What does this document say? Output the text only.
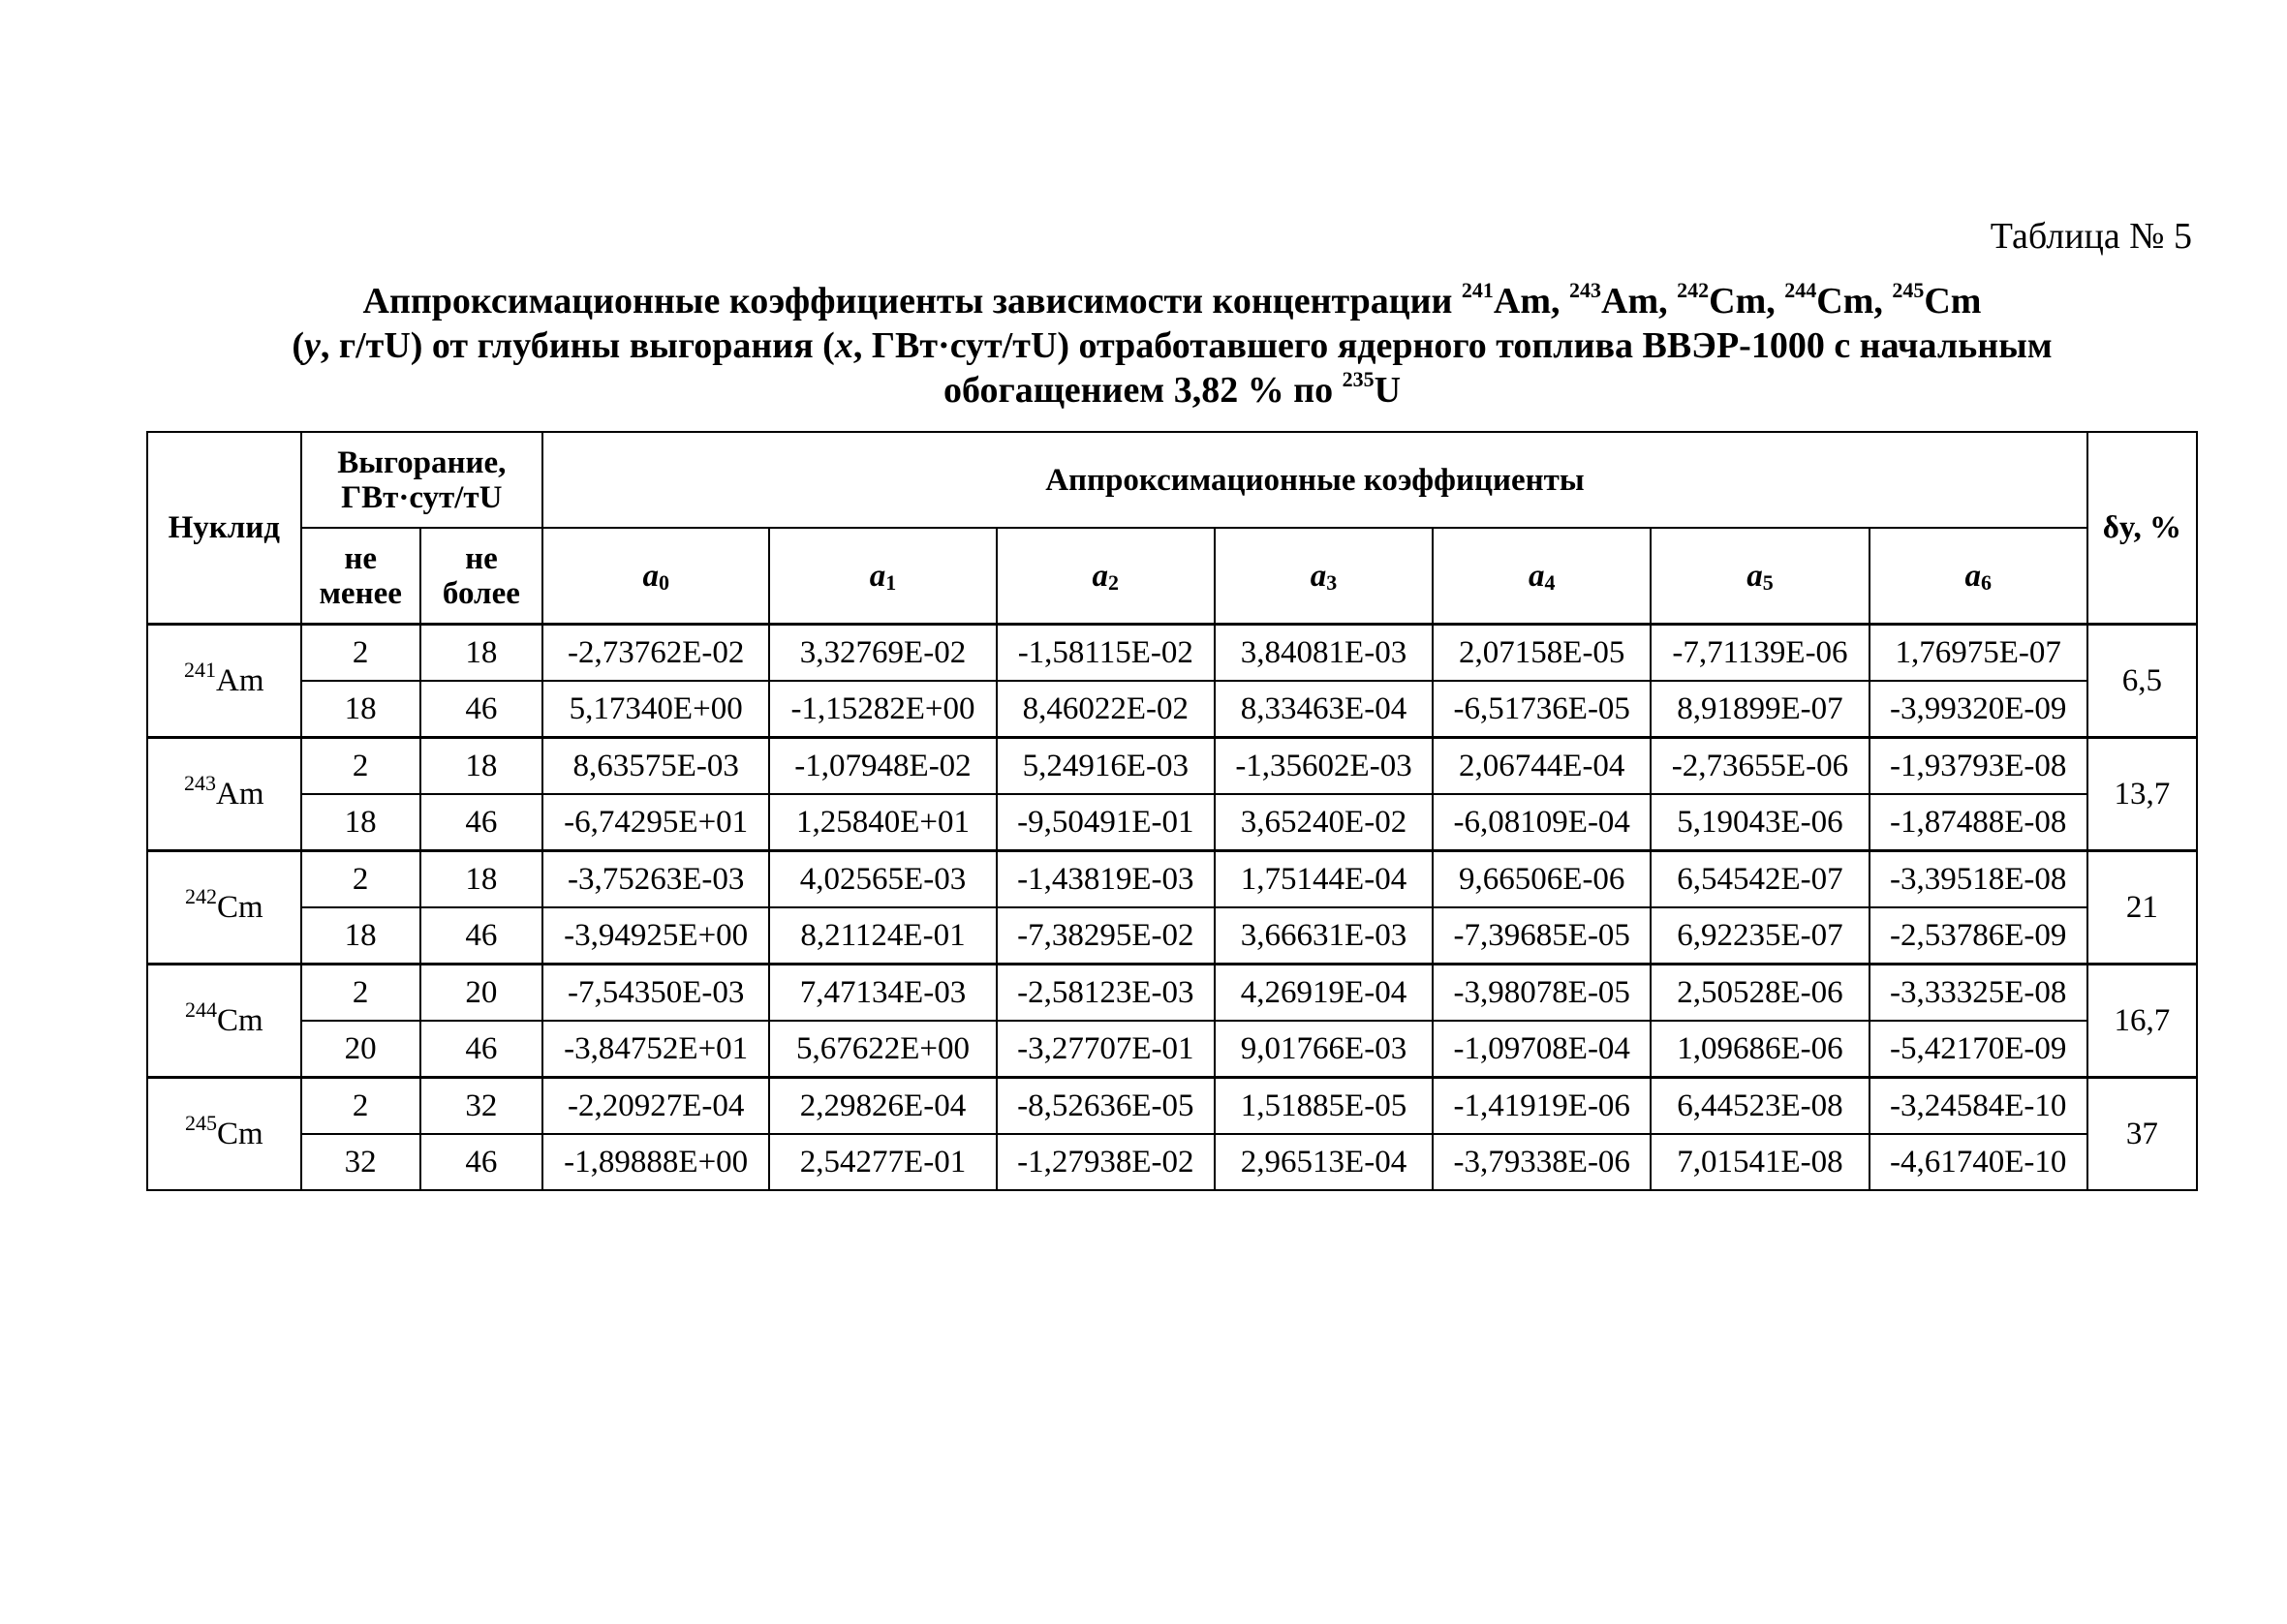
Таблица № 5
Аппроксимационные коэффициенты зависимости концентрации $^{241}$Am, $^{243}$Am, $^{242}$Cm, $^{244}$Cm, $^{245}$Cm
(y, г/тU) от глубины выгорания (x, ГВт·сут/тU) отработавшего ядерного топлива ВВЭР-1000 с начальным
обогащением 3,82 % по $^{235}$U
Нуклид	Выгорание, ГВт·сут/тU		Аппроксимационные коэффициенты							δy, %
	не менее	не более	$a_0$	$a_1$	$a_2$	$a_3$	$a_4$	$a_5$	$a_6$
$^{241}$Am	2	18	-2,73762E-02	3,32769E-02	-1,58115E-02	3,84081E-03	2,07158E-05	-7,71139E-06	1,76975E-07	6,5
	18	46	5,17340E+00	-1,15282E+00	8,46022E-02	8,33463E-04	-6,51736E-05	8,91899E-07	-3,99320E-09	
$^{243}$Am	2	18	8,63575E-03	-1,07948E-02	5,24916E-03	-1,35602E-03	2,06744E-04	-2,73655E-06	-1,93793E-08	13,7
	18	46	-6,74295E+01	1,25840E+01	-9,50491E-01	3,65240E-02	-6,08109E-04	5,19043E-06	-1,87488E-08	
$^{242}$Cm	2	18	-3,75263E-03	4,02565E-03	-1,43819E-03	1,75144E-04	9,66506E-06	6,54542E-07	-3,39518E-08	21
	18	46	-3,94925E+00	8,21124E-01	-7,38295E-02	3,66631E-03	-7,39685E-05	6,92235E-07	-2,53786E-09	
$^{244}$Cm	2	20	-7,54350E-03	7,47134E-03	-2,58123E-03	4,26919E-04	-3,98078E-05	2,50528E-06	-3,33325E-08	16,7
	20	46	-3,84752E+01	5,67622E+00	-3,27707E-01	9,01766E-03	-1,09708E-04	1,09686E-06	-5,42170E-09	
$^{245}$Cm	2	32	-2,20927E-04	2,29826E-04	-8,52636E-05	1,51885E-05	-1,41919E-06	6,44523E-08	-3,24584E-10	37
	32	46	-1,89888E+00	2,54277E-01	-1,27938E-02	2,96513E-04	-3,79338E-06	7,01541E-08	-4,61740E-10	
